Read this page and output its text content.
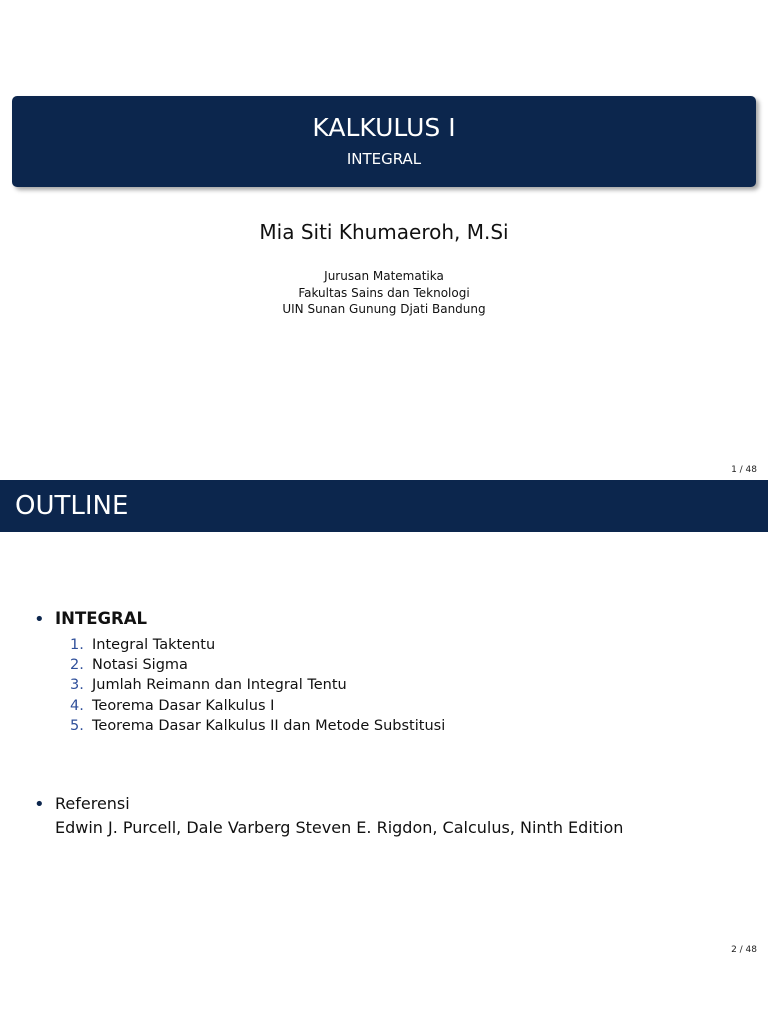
KALKULUS I
INTEGRAL
Mia Siti Khumaeroh, M.Si
Jurusan Matematika
Fakultas Sains dan Teknologi
UIN Sunan Gunung Djati Bandung
1 / 48
OUTLINE
• INTEGRAL
1. Integral Taktentu
2. Notasi Sigma
3. Jumlah Reimann dan Integral Tentu
4. Teorema Dasar Kalkulus I
5. Teorema Dasar Kalkulus II dan Metode Substitusi
• Referensi
Edwin J. Purcell, Dale Varberg Steven E. Rigdon, Calculus, Ninth Edition
2 / 48
